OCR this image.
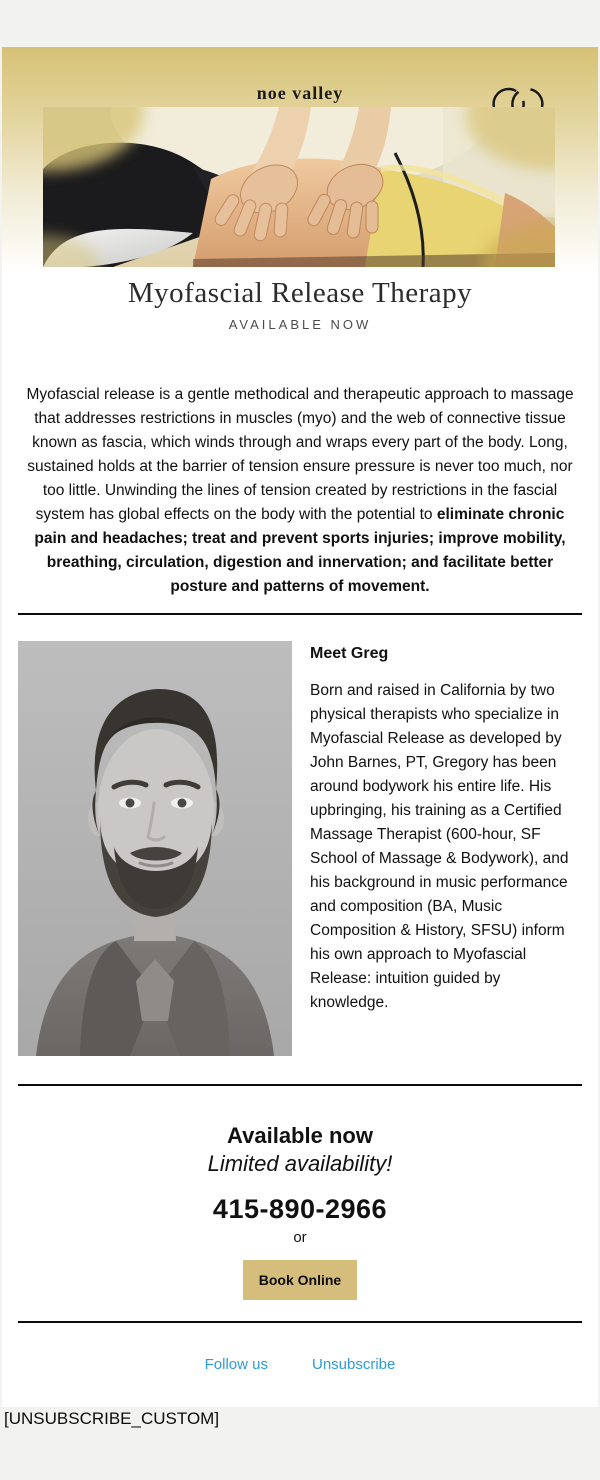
noe valley
Myofascial Release Therapy
AVAILABLE NOW

Myofascial release is a gentle methodical and therapeutic approach to massage that addresses restrictions in muscles (myo) and the web of connective tissue known as fascia, which winds through and wraps every part of the body. Long, sustained holds at the barrier of tension ensure pressure is never too much, nor too little. Unwinding the lines of tension created by restrictions in the fascial system has global effects on the body with the potential to eliminate chronic pain and headaches; treat and prevent sports injuries; improve mobility, breathing, circulation, digestion and innervation; and facilitate better posture and patterns of movement.

Meet Greg
Born and raised in California by two physical therapists who specialize in Myofascial Release as developed by John Barnes, PT, Gregory has been around bodywork his entire life. His upbringing, his training as a Certified Massage Therapist (600-hour, SF School of Massage & Bodywork), and his background in music performance and composition (BA, Music Composition & History, SFSU) inform his own approach to Myofascial Release: intuition guided by knowledge.
Available now
Limited availability!
415-890-2966
or
Book Online
Follow us	Unsubscribe
[UNSUBSCRIBE_CUSTOM]
